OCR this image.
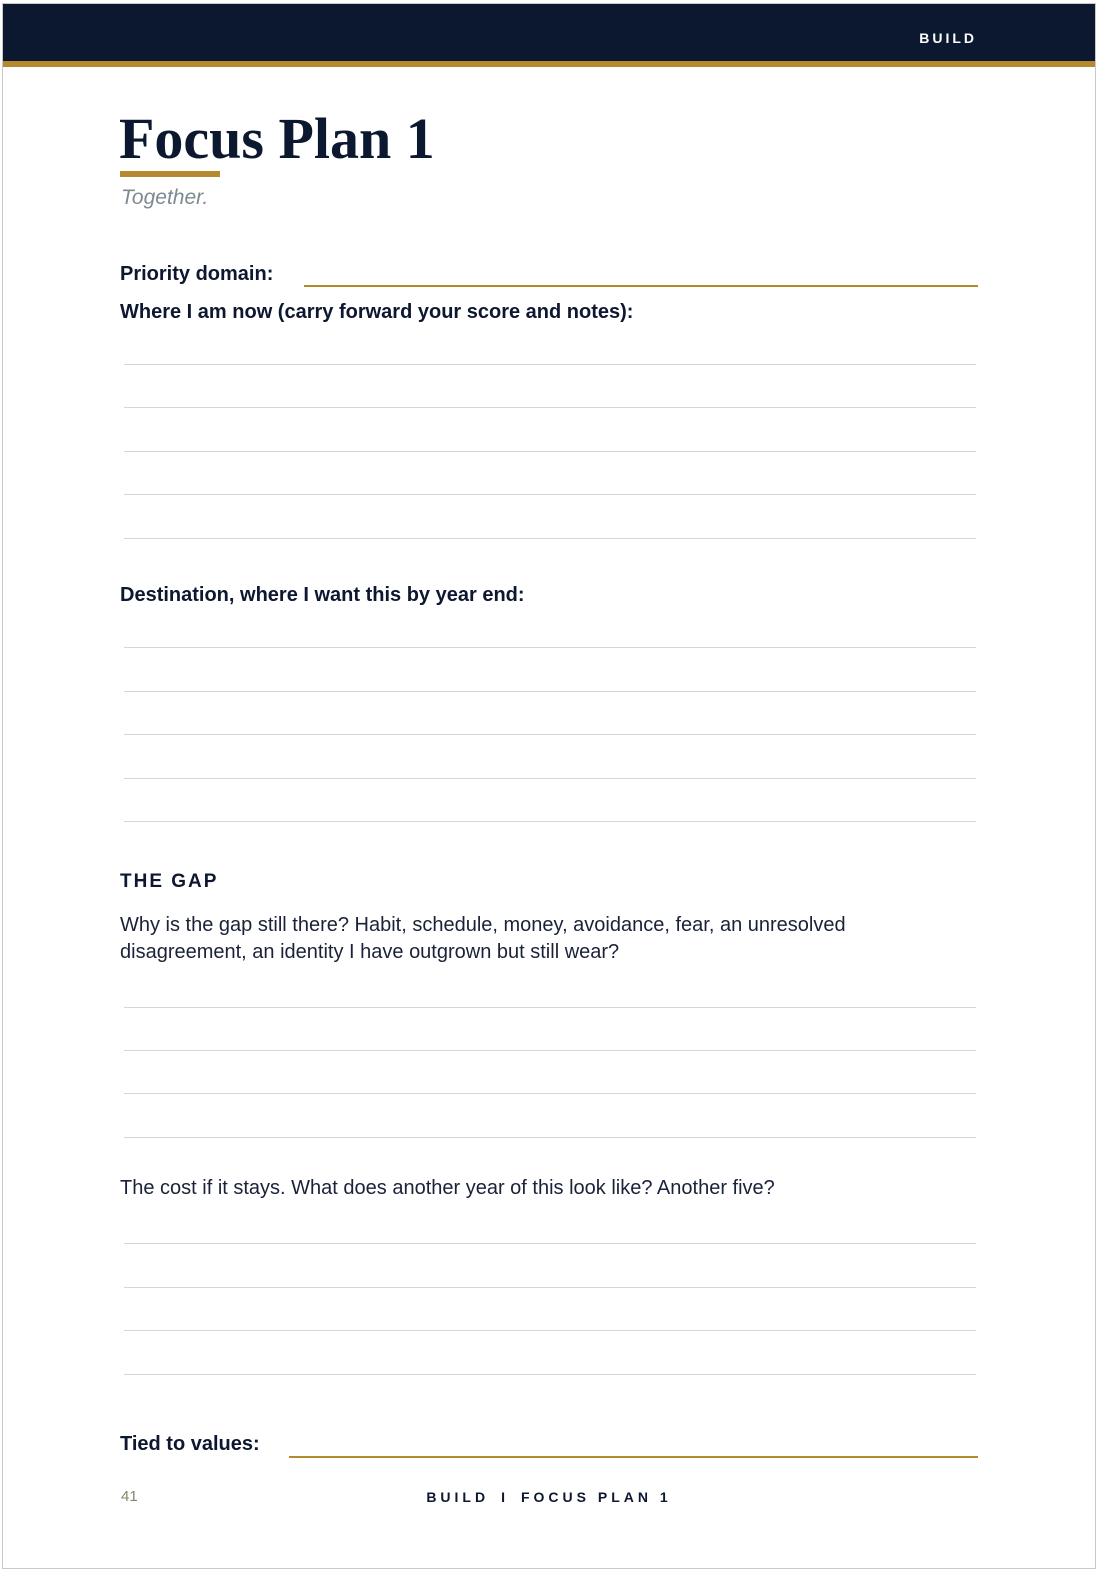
BUILD
Focus Plan 1
Together.
Priority domain:
Where I am now (carry forward your score and notes):
Destination, where I want this by year end:
THE GAP
Why is the gap still there? Habit, schedule, money, avoidance, fear, an unresolved disagreement, an identity I have outgrown but still wear?
The cost if it stays. What does another year of this look like? Another five?
Tied to values:
41	BUILD I FOCUS PLAN 1
